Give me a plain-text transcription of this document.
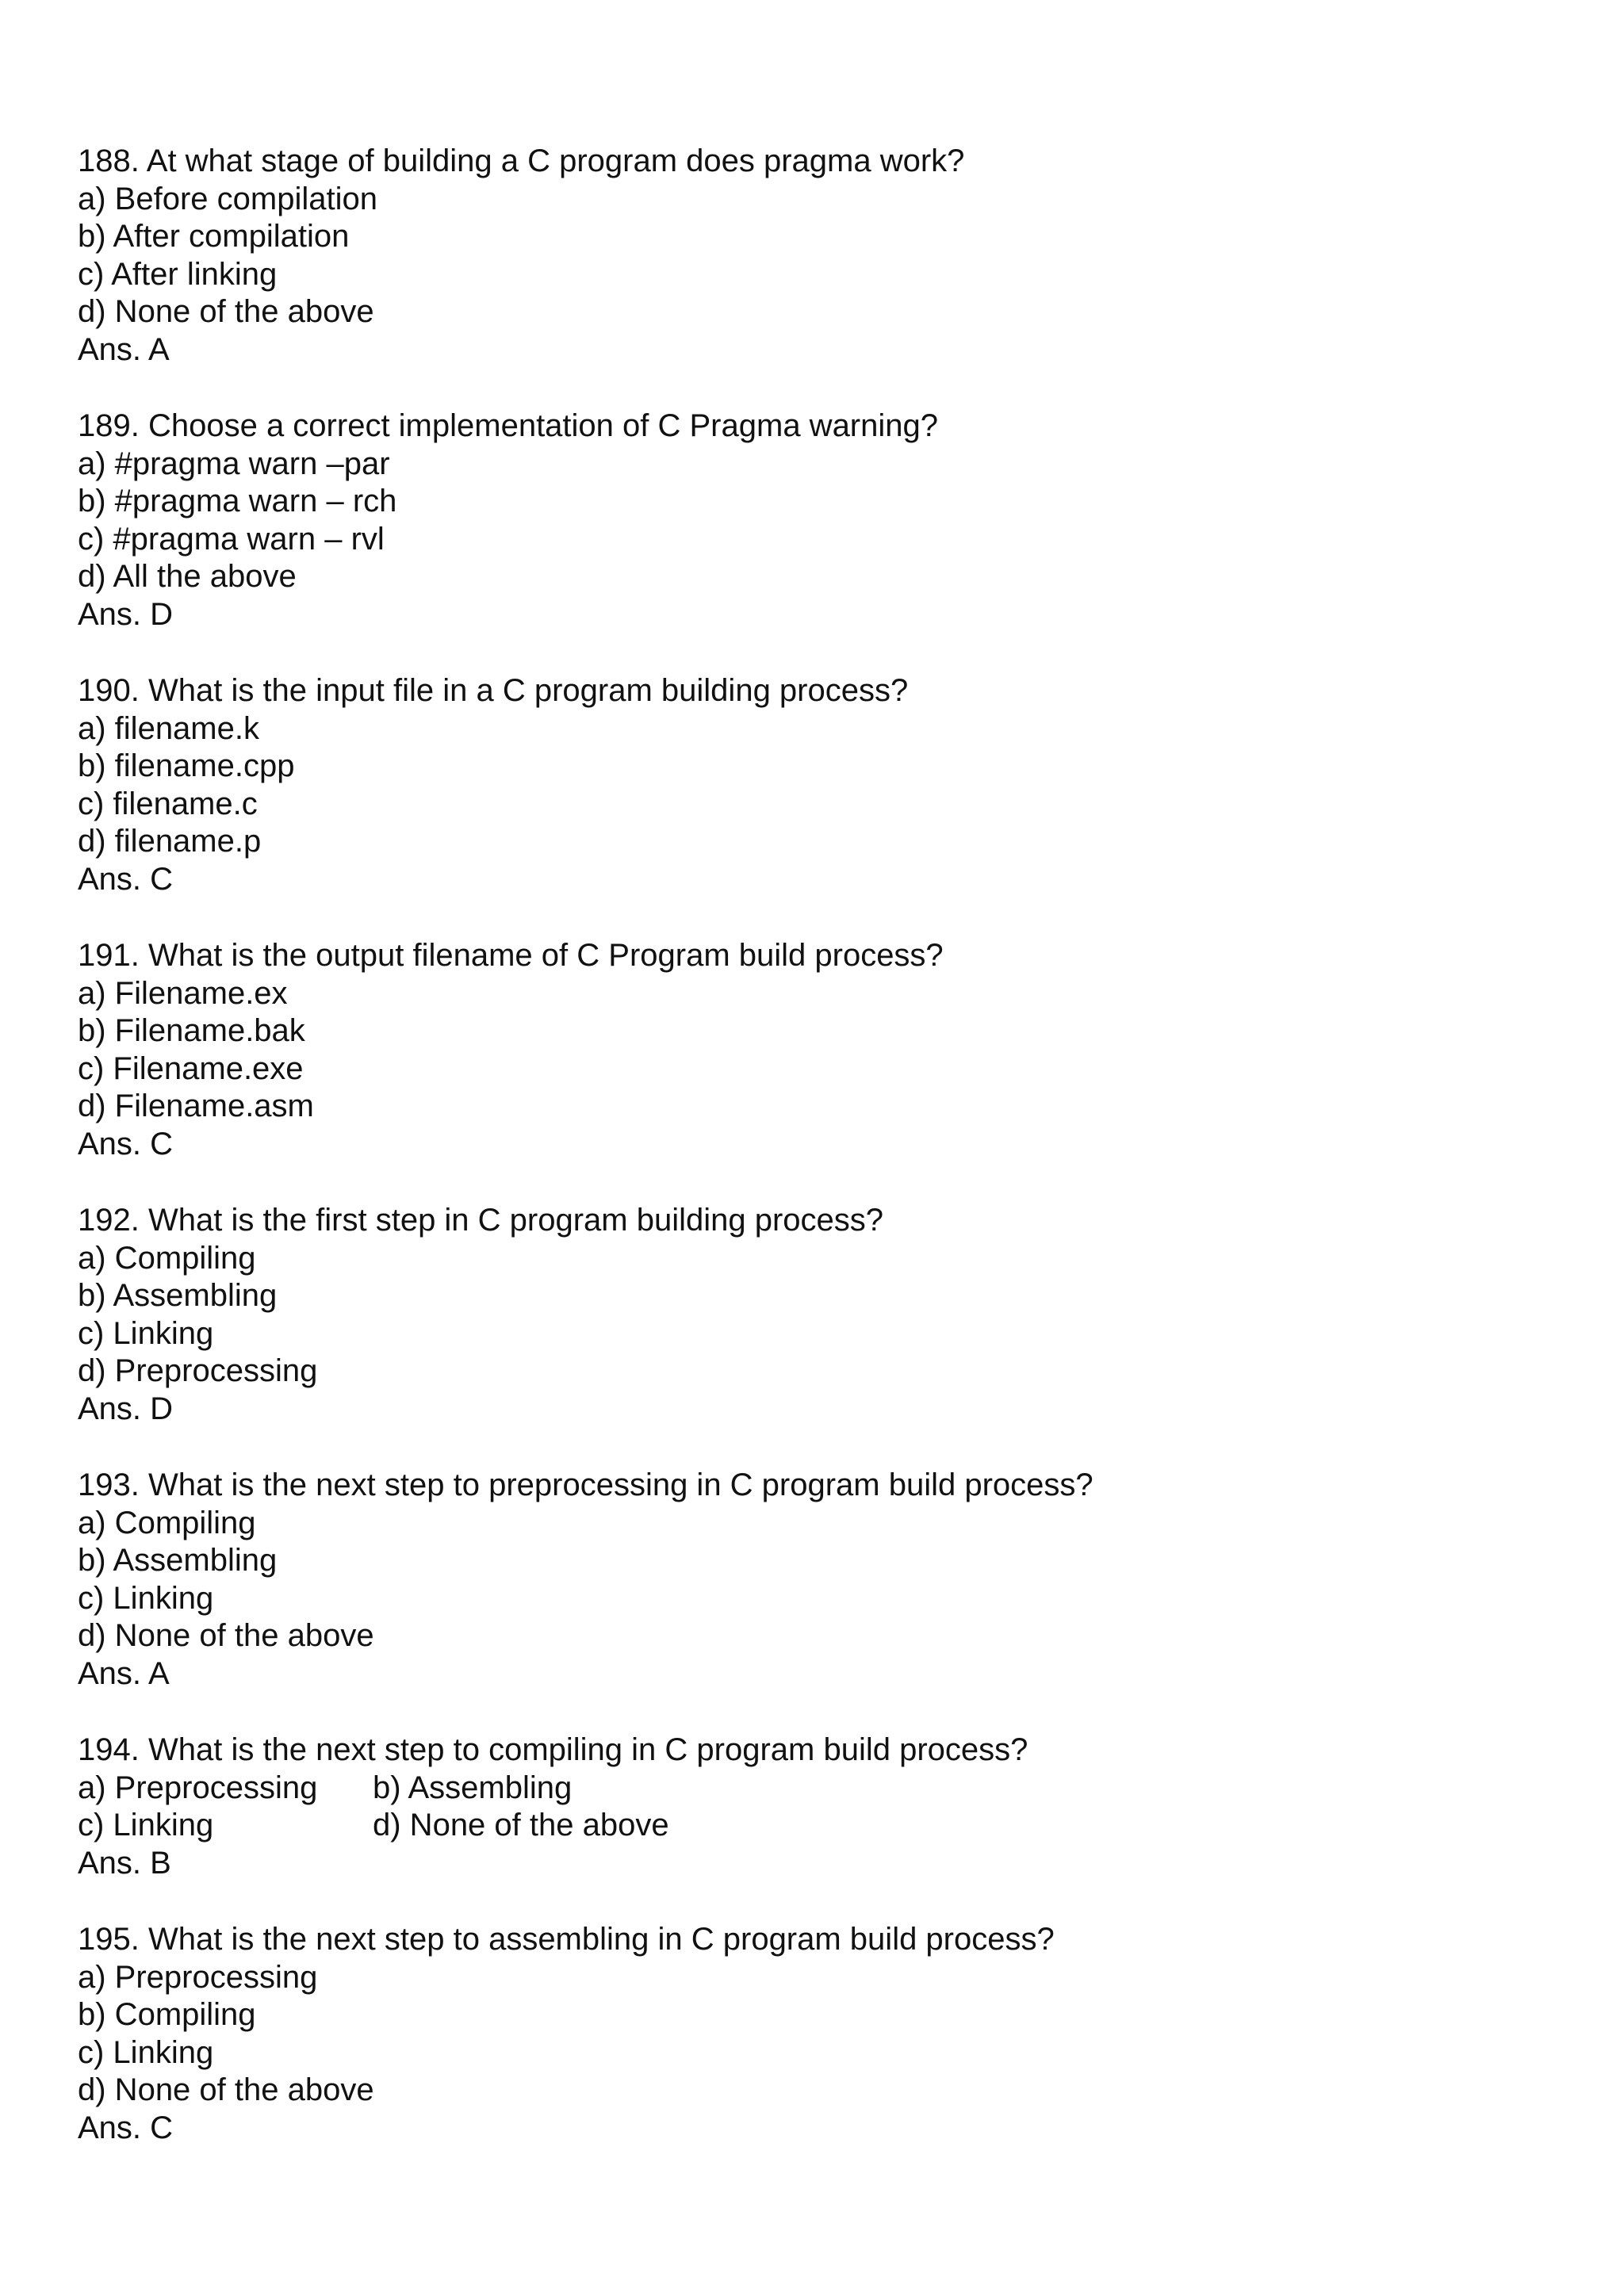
188. At what stage of building a C program does pragma work?
a) Before compilation
b) After compilation
c) After linking
d) None of the above
Ans. A
189. Choose a correct implementation of C Pragma warning?
a) #pragma warn –par
b) #pragma warn – rch
c) #pragma warn – rvl
d) All the above
Ans. D
190. What is the input file in a C program building process?
a) filename.k
b) filename.cpp
c) filename.c
d) filename.p
Ans. C
191. What is the output filename of C Program build process?
a) Filename.ex
b) Filename.bak
c) Filename.exe
d) Filename.asm
Ans. C
192. What is the first step in C program building process?
a) Compiling
b) Assembling
c) Linking
d) Preprocessing
Ans. D
193. What is the next step to preprocessing in C program build process?
a) Compiling
b) Assembling
c) Linking
d) None of the above
Ans. A
194. What is the next step to compiling in C program build process?
a) Preprocessing	b) Assembling
c) Linking	d) None of the above
Ans. B
195. What is the next step to assembling in C program build process?
a) Preprocessing
b) Compiling
c) Linking
d) None of the above
Ans. C
